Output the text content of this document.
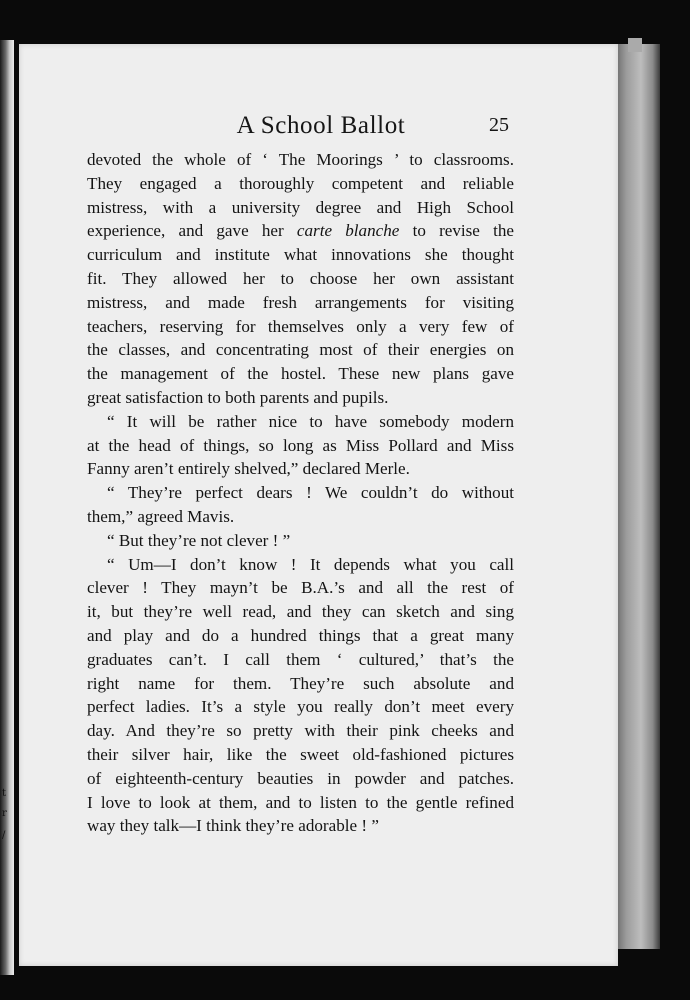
t
r
/
A School Ballot	25
devoted the whole of ‘ The Moorings ’ to classrooms.
They engaged a thoroughly competent and reliable
mistress, with a university degree and High School
experience, and gave her carte blanche to revise the
curriculum and institute what innovations she thought
fit. They allowed her to choose her own assistant
mistress, and made fresh arrangements for visiting
teachers, reserving for themselves only a very few of
the classes, and concentrating most of their energies on
the management of the hostel. These new plans gave
great satisfaction to both parents and pupils.
“ It will be rather nice to have somebody modern
at the head of things, so long as Miss Pollard and Miss
Fanny aren’t entirely shelved,” declared Merle.
“ They’re perfect dears ! We couldn’t do without
them,” agreed Mavis.
“ But they’re not clever ! ”
“ Um—I don’t know ! It depends what you call
clever ! They mayn’t be B.A.’s and all the rest of
it, but they’re well read, and they can sketch and sing
and play and do a hundred things that a great many
graduates can’t. I call them ‘ cultured,’ that’s the
right name for them. They’re such absolute and
perfect ladies. It’s a style you really don’t meet every
day. And they’re so pretty with their pink cheeks and
their silver hair, like the sweet old-fashioned pictures
of eighteenth-century beauties in powder and patches.
I love to look at them, and to listen to the gentle refined
way they talk—I think they’re adorable ! ”
